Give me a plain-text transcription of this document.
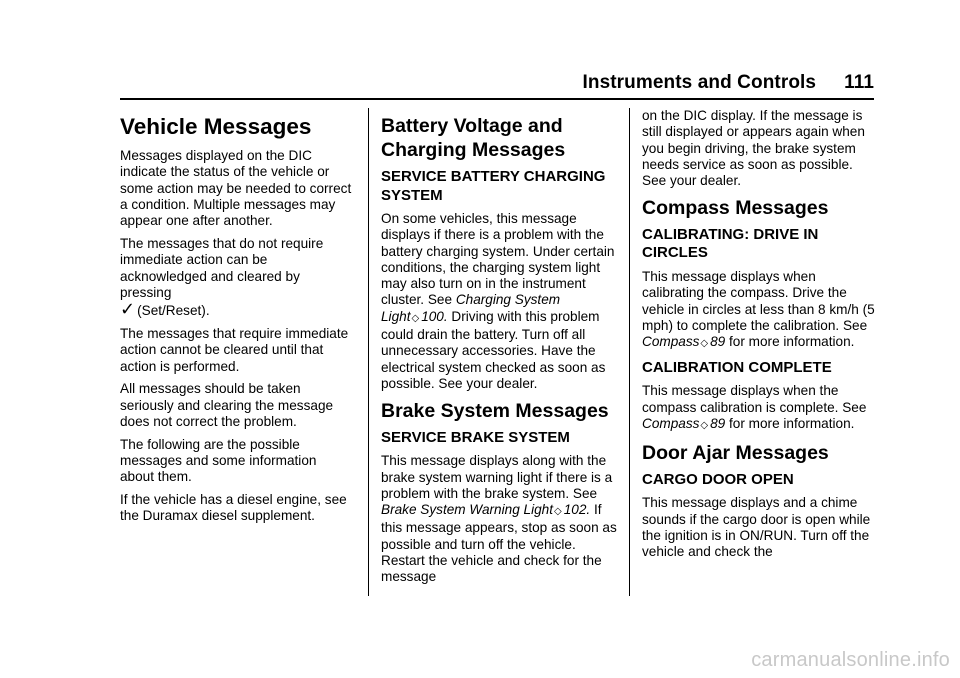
Instruments and Controls 111
Vehicle Messages

Messages displayed on the DIC indicate the status of the vehicle or some action may be needed to correct a condition. Multiple messages may appear one after another.

The messages that do not require immediate action can be acknowledged and cleared by pressing
✓ (Set/Reset).

The messages that require immediate action cannot be cleared until that action is performed.

All messages should be taken seriously and clearing the message does not correct the problem.

The following are the possible messages and some information about them.

If the vehicle has a diesel engine, see the Duramax diesel supplement.

Battery Voltage and Charging Messages
SERVICE BATTERY CHARGING SYSTEM

On some vehicles, this message displays if there is a problem with the battery charging system. Under certain conditions, the charging system light may also turn on in the instrument cluster. See Charging System Light◇ 100. Driving with this problem could drain the battery. Turn off all unnecessary accessories. Have the electrical system checked as soon as possible. See your dealer.

Brake System Messages
SERVICE BRAKE SYSTEM

This message displays along with the brake system warning light if there is a problem with the brake system. See Brake System Warning Light◇ 102. If this message appears, stop as soon as possible and turn off the vehicle. Restart the vehicle and check for the message

on the DIC display. If the message is still displayed or appears again when you begin driving, the brake system needs service as soon as possible. See your dealer.

Compass Messages
CALIBRATING: DRIVE IN CIRCLES

This message displays when calibrating the compass. Drive the vehicle in circles at less than 8 km/h (5 mph) to complete the calibration. See Compass◇ 89 for more information.

CALIBRATION COMPLETE

This message displays when the compass calibration is complete. See Compass◇ 89 for more information.

Door Ajar Messages
CARGO DOOR OPEN

This message displays and a chime sounds if the cargo door is open while the ignition is in ON/RUN. Turn off the vehicle and check the

carmanualsonline.info
